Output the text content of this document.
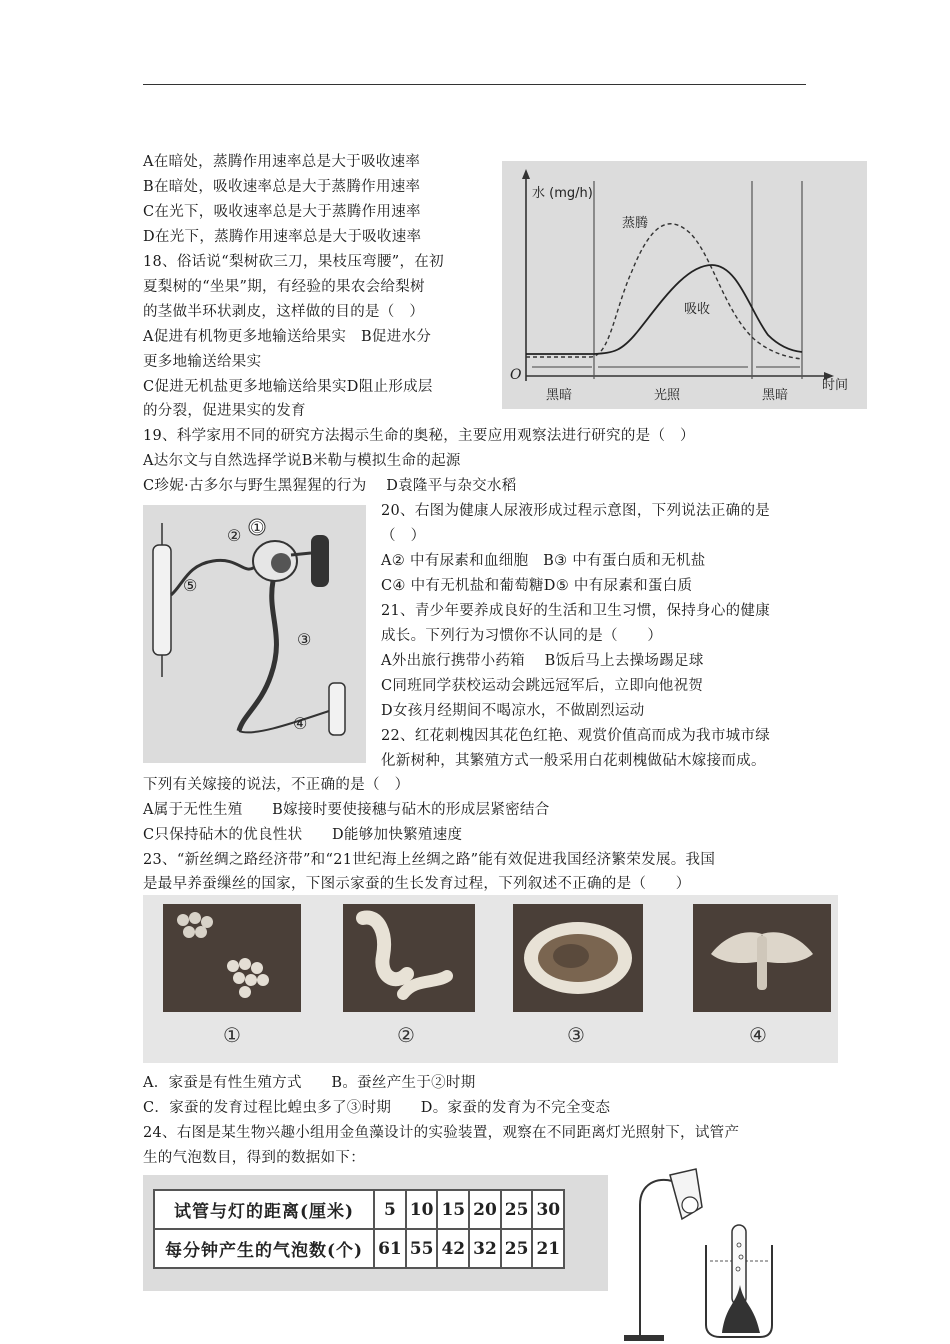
A在暗处，蒸腾作用速率总是大于吸收速率
B在暗处，吸收速率总是大于蒸腾作用速率
C在光下，吸收速率总是大于蒸腾作用速率
D在光下，蒸腾作用速率总是大于吸收速率
水 (mg/h)
O
时间
蒸腾
吸收
黑暗	光照	黑暗
18、俗话说“梨树砍三刀，果枝压弯腰”，在初
夏梨树的“坐果”期，有经验的果农会给梨树
的茎做半环状剥皮，这样做的目的是（　）
A促进有机物更多地输送给果实　B促进水分
更多地输送给果实
C促进无机盐更多地输送给果实D阻止形成层
的分裂，促进果实的发育
19、科学家用不同的研究方法揭示生命的奥秘，主要应用观察法进行研究的是（　）
A达尔文与自然选择学说B米勒与模拟生命的起源
C珍妮·古多尔与野生黑猩猩的行为　 D袁隆平与杂交水稻
①
②
③
④
⑤
20、右图为健康人尿液形成过程示意图，下列说法正确的是
（　）
A② 中有尿素和血细胞　B③ 中有蛋白质和无机盐
C④ 中有无机盐和葡萄糖D⑤ 中有尿素和蛋白质
21、青少年要养成良好的生活和卫生习惯，保持身心的健康
成长。下列行为习惯你不认同的是（　　）
A外出旅行携带小药箱　 B饭后马上去操场踢足球
C同班同学获校运动会跳远冠军后，立即向他祝贺
D女孩月经期间不喝凉水，不做剧烈运动
22、红花刺槐因其花色红艳、观赏价值高而成为我市城市绿
化新树种，其繁殖方式一般采用白花刺槐做砧木嫁接而成。
下列有关嫁接的说法，不正确的是（　）
A属于无性生殖　　B嫁接时要使接穗与砧木的形成层紧密结合
C只保持砧木的优良性状　　D能够加快繁殖速度
23、“新丝绸之路经济带”和“21世纪海上丝绸之路”能有效促进我国经济繁荣发展。我国
是最早养蚕缫丝的国家，下图示家蚕的生长发育过程，下列叙述不正确的是（　　）
①	②	③	④
A．家蚕是有性生殖方式　　B。蚕丝产生于②时期
C．家蚕的发育过程比蝗虫多了③时期　　D。家蚕的发育为不完全变态
24、右图是某生物兴趣小组用金鱼藻设计的实验装置，观察在不同距离灯光照射下，试管产
生的气泡数目，得到的数据如下：
试管与灯的距离(厘米)	5	10	15	20	25	30
每分钟产生的气泡数(个)	61	55	42	32	25	21
